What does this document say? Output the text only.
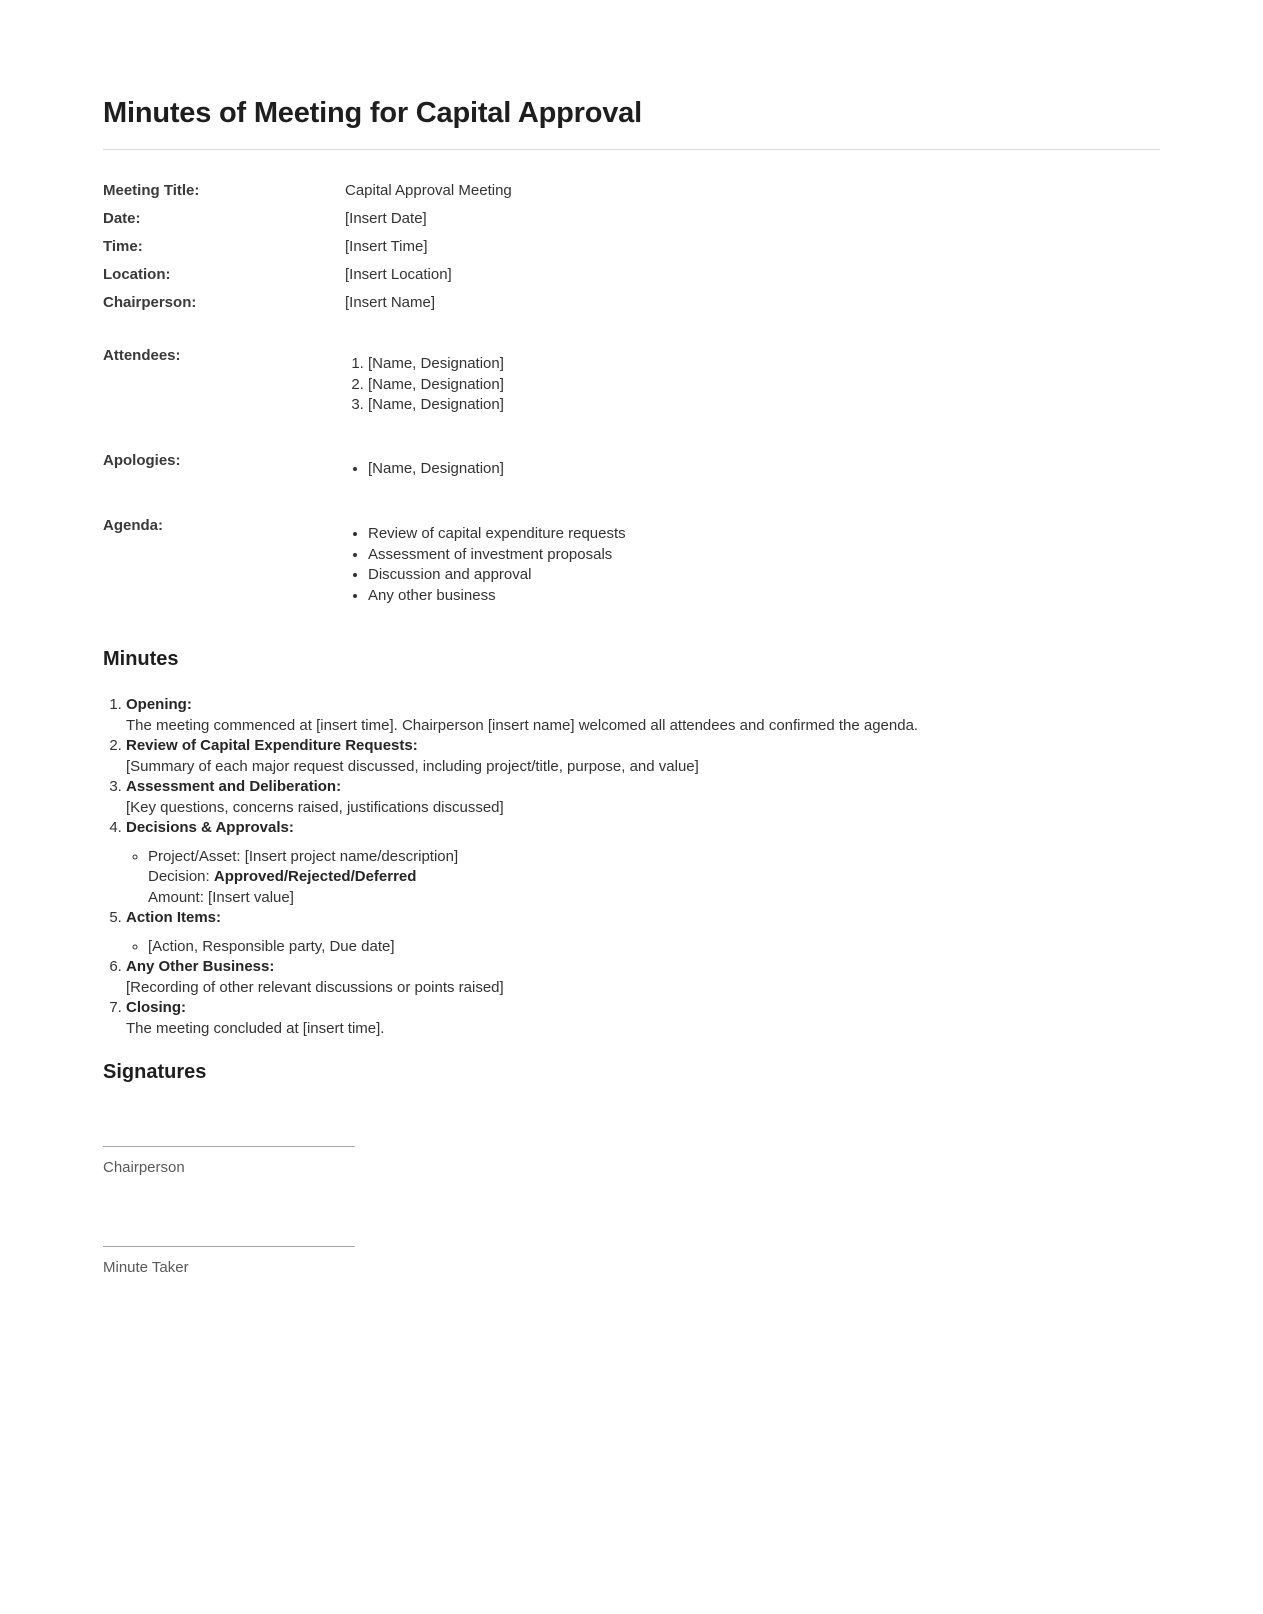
Minutes of Meeting for Capital Approval
Meeting Title:	Capital Approval Meeting
Date:	[Insert Date]
Time:	[Insert Time]
Location:	[Insert Location]
Chairperson:	[Insert Name]
Attendees:	1. [Name, Designation]
2. [Name, Designation]
3. [Name, Designation]
Apologies:	• [Name, Designation]
Agenda:	• Review of capital expenditure requests
• Assessment of investment proposals
• Discussion and approval
• Any other business
Minutes
1. Opening:
The meeting commenced at [insert time]. Chairperson [insert name] welcomed all attendees and confirmed the agenda.
2. Review of Capital Expenditure Requests:
[Summary of each major request discussed, including project/title, purpose, and value]
3. Assessment and Deliberation:
[Key questions, concerns raised, justifications discussed]
4. Decisions & Approvals:
◦ Project/Asset: [Insert project name/description]
Decision: Approved/Rejected/Deferred
Amount: [Insert value]
5. Action Items:
◦ [Action, Responsible party, Due date]
6. Any Other Business:
[Recording of other relevant discussions or points raised]
7. Closing:
The meeting concluded at [insert time].
Signatures
Chairperson
Minute Taker
